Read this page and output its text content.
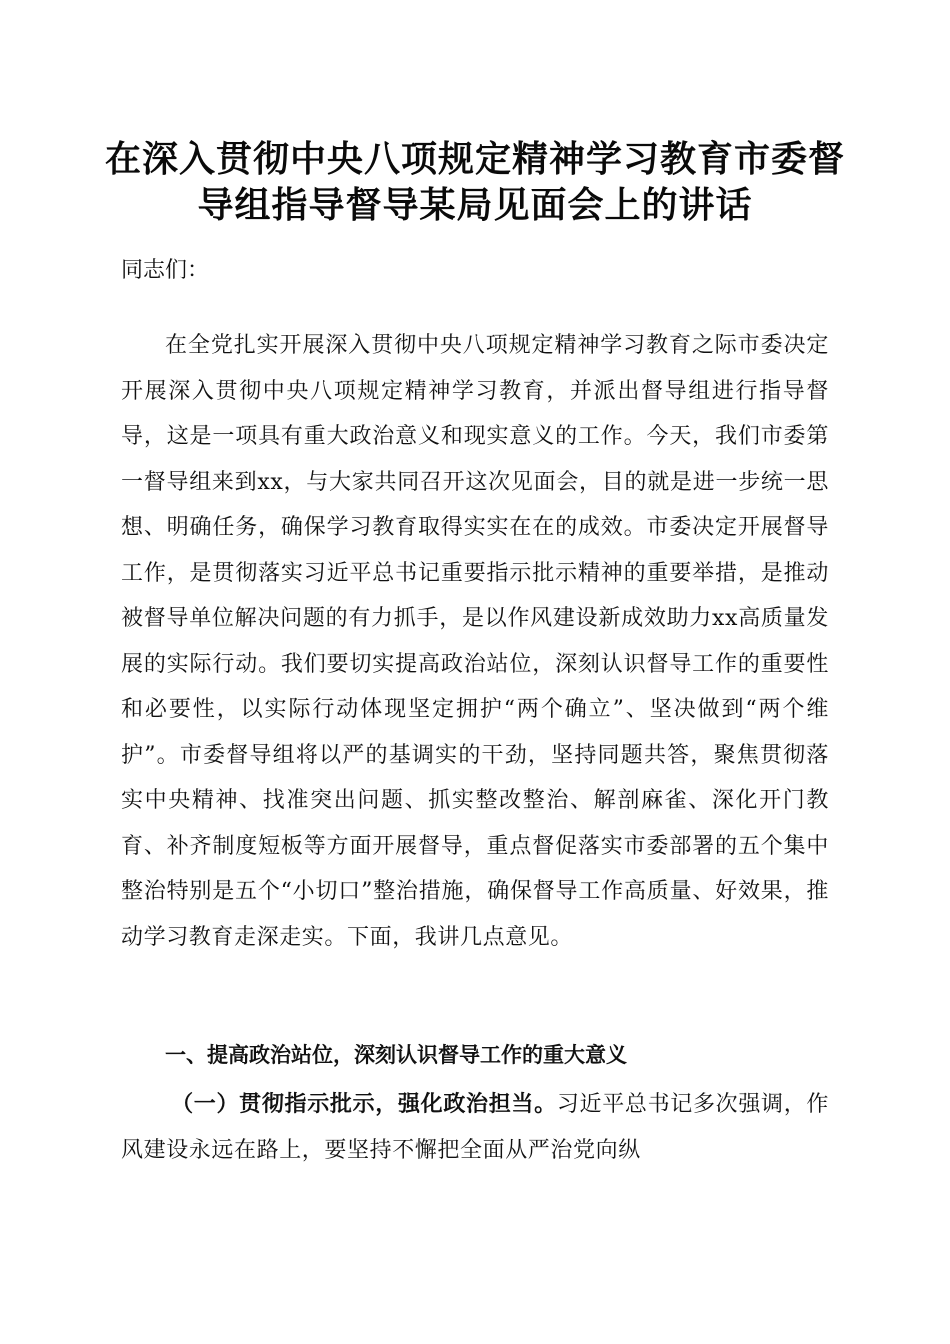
在深入贯彻中央八项规定精神学习教育市委督
导组指导督导某局见面会上的讲话

同志们：

在全党扎实开展深入贯彻中央八项规定精神学习教育之际市委决定开展深入贯彻中央八项规定精神学习教育，并派出督导组进行指导督导，这是一项具有重大政治意义和现实意义的工作。今天，我们市委第一督导组来到xx，与大家共同召开这次见面会，目的就是进一步统一思想、明确任务，确保学习教育取得实实在在的成效。市委决定开展督导工作，是贯彻落实习近平总书记重要指示批示精神的重要举措，是推动被督导单位解决问题的有力抓手，是以作风建设新成效助力xx高质量发展的实际行动。我们要切实提高政治站位，深刻认识督导工作的重要性和必要性，以实际行动体现坚定拥护“两个确立”、坚决做到“两个维护”。市委督导组将以严的基调实的干劲，坚持同题共答，聚焦贯彻落实中央精神、找准突出问题、抓实整改整治、解剖麻雀、深化开门教育、补齐制度短板等方面开展督导，重点督促落实市委部署的五个集中整治特别是五个“小切口”整治措施，确保督导工作高质量、好效果，推动学习教育走深走实。下面，我讲几点意见。

一、提高政治站位，深刻认识督导工作的重大意义

（一）贯彻指示批示，强化政治担当。习近平总书记多次强调，作风建设永远在路上，要坚持不懈把全面从严治党向纵
